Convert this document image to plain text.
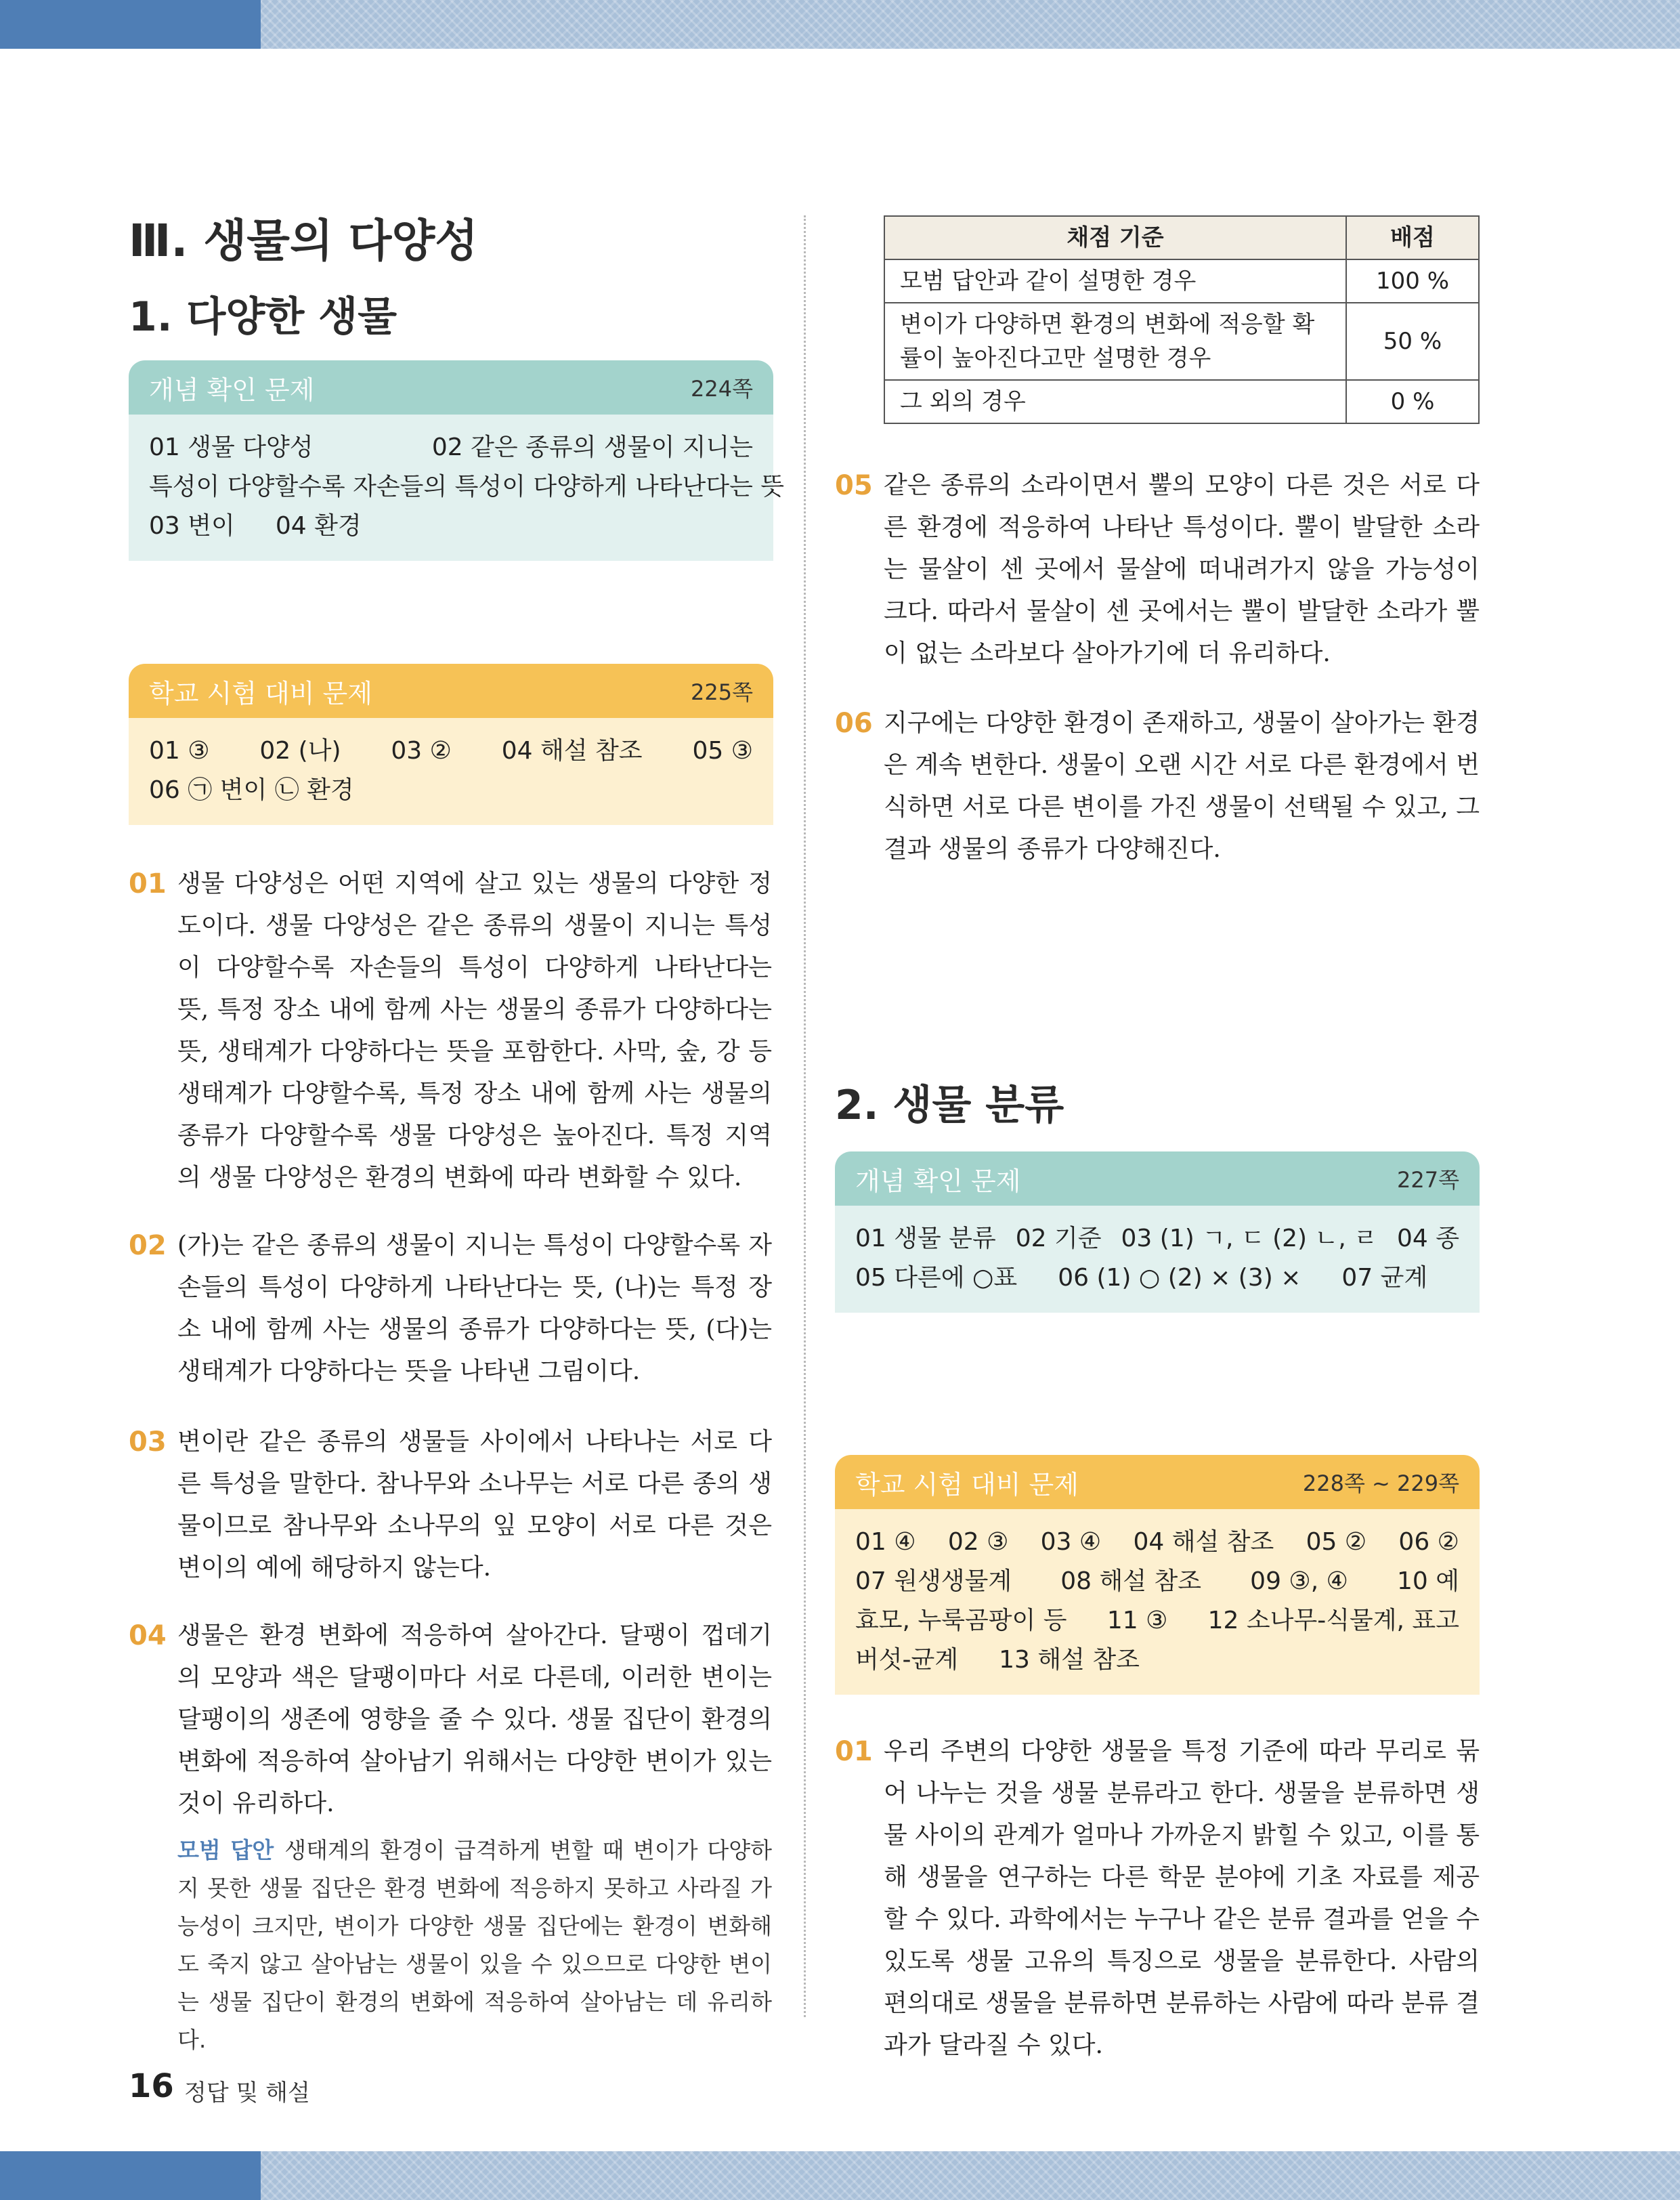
Ⅲ. 생물의 다양성
1. 다양한 생물
개념 확인 문제	224쪽
01 생물 다양성	02 같은 종류의 생물이 지니는
특성이 다양할수록 자손들의 특성이 다양하게 나타난다는 뜻
03 변이 04 환경
학교 시험 대비 문제	225쪽
01 ③ 02 (나) 03 ② 04 해설 참조 05 ③
06 ㉠ 변이 ㉡ 환경
01 생물 다양성은 어떤 지역에 살고 있는 생물의 다양한 정도이다. 생물 다양성은 같은 종류의 생물이 지니는 특성이 다양할수록 자손들의 특성이 다양하게 나타난다는 뜻, 특정 장소 내에 함께 사는 생물의 종류가 다양하다는 뜻, 생태계가 다양하다는 뜻을 포함한다. 사막, 숲, 강 등 생태계가 다양할수록, 특정 장소 내에 함께 사는 생물의 종류가 다양할수록 생물 다양성은 높아진다. 특정 지역의 생물 다양성은 환경의 변화에 따라 변화할 수 있다.
02 (가)는 같은 종류의 생물이 지니는 특성이 다양할수록 자손들의 특성이 다양하게 나타난다는 뜻, (나)는 특정 장소 내에 함께 사는 생물의 종류가 다양하다는 뜻, (다)는 생태계가 다양하다는 뜻을 나타낸 그림이다.
03 변이란 같은 종류의 생물들 사이에서 나타나는 서로 다른 특성을 말한다. 참나무와 소나무는 서로 다른 종의 생물이므로 참나무와 소나무의 잎 모양이 서로 다른 것은 변이의 예에 해당하지 않는다.
04 생물은 환경 변화에 적응하여 살아간다. 달팽이 껍데기의 모양과 색은 달팽이마다 서로 다른데, 이러한 변이는 달팽이의 생존에 영향을 줄 수 있다. 생물 집단이 환경의 변화에 적응하여 살아남기 위해서는 다양한 변이가 있는 것이 유리하다.
모범 답안 생태계의 환경이 급격하게 변할 때 변이가 다양하지 못한 생물 집단은 환경 변화에 적응하지 못하고 사라질 가능성이 크지만, 변이가 다양한 생물 집단에는 환경이 변화해도 죽지 않고 살아남는 생물이 있을 수 있으므로 다양한 변이는 생물 집단이 환경의 변화에 적응하여 살아남는 데 유리하다.
채점 기준	배점
모범 답안과 같이 설명한 경우	100 %
변이가 다양하면 환경의 변화에 적응할 확률이 높아진다고만 설명한 경우	50 %
그 외의 경우	0 %
05 같은 종류의 소라이면서 뿔의 모양이 다른 것은 서로 다른 환경에 적응하여 나타난 특성이다. 뿔이 발달한 소라는 물살이 센 곳에서 물살에 떠내려가지 않을 가능성이 크다. 따라서 물살이 센 곳에서는 뿔이 발달한 소라가 뿔이 없는 소라보다 살아가기에 더 유리하다.
06 지구에는 다양한 환경이 존재하고, 생물이 살아가는 환경은 계속 변한다. 생물이 오랜 시간 서로 다른 환경에서 번식하면 서로 다른 변이를 가진 생물이 선택될 수 있고, 그 결과 생물의 종류가 다양해진다.
2. 생물 분류
개념 확인 문제	227쪽
01 생물 분류 02 기준 03 (1) ㄱ, ㄷ (2) ㄴ, ㄹ 04 종
05 다른에 ○표 06 (1) ○ (2) × (3) × 07 균계
학교 시험 대비 문제	228쪽 ~ 229쪽
01 ④ 02 ③ 03 ④ 04 해설 참조 05 ② 06 ②
07 원생생물계 08 해설 참조 09 ③, ④ 10 예
효모, 누룩곰팡이 등 11 ③ 12 소나무-식물계, 표고
버섯-균계 13 해설 참조
01 우리 주변의 다양한 생물을 특정 기준에 따라 무리로 묶어 나누는 것을 생물 분류라고 한다. 생물을 분류하면 생물 사이의 관계가 얼마나 가까운지 밝힐 수 있고, 이를 통해 생물을 연구하는 다른 학문 분야에 기초 자료를 제공할 수 있다. 과학에서는 누구나 같은 분류 결과를 얻을 수 있도록 생물 고유의 특징으로 생물을 분류한다. 사람의 편의대로 생물을 분류하면 분류하는 사람에 따라 분류 결과가 달라질 수 있다.
16 정답 및 해설
